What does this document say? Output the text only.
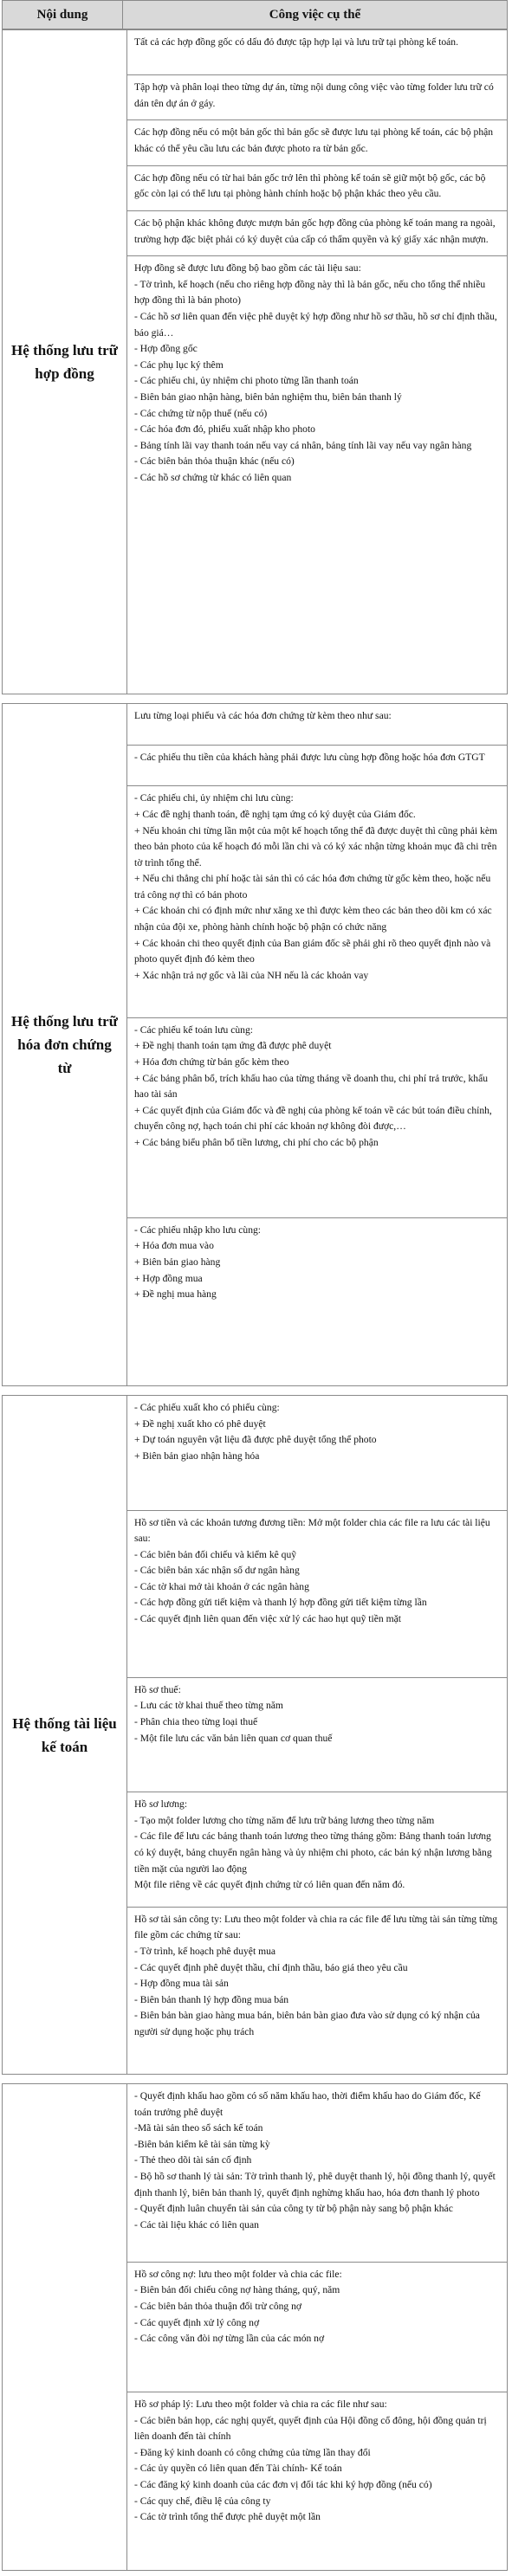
Nội dung	Công việc cụ thể
Hệ thống lưu trữ hợp đồng

Tất cả các hợp đồng gốc có dấu đỏ được tập hợp lại và lưu trữ tại phòng kế toán.

Tập hợp và phân loại theo từng dự án, từng nội dung công việc vào từng folder lưu trữ có dán tên dự án ở gáy.

Các hợp đồng nếu có một bản gốc thì bản gốc sẽ được lưu tại phòng kế toán, các bộ phận khác có thể yêu cầu lưu các bản được photo ra từ bản gốc.

Các hợp đồng nếu có từ hai bản gốc trở lên thì phòng kế toán sẽ giữ một bộ gốc, các bộ gốc còn lại có thể lưu tại phòng hành chính hoặc bộ phận khác theo yêu cầu.

Các bộ phận khác không được mượn bản gốc hợp đồng của phòng kế toán mang ra ngoài, trường hợp đặc biệt phải có ký duyệt của cấp có thẩm quyền và ký giấy xác nhận mượn.

Hợp đồng sẽ được lưu đồng bộ bao gồm các tài liệu sau:

- Tờ trình, kế hoạch (nếu cho riêng hợp đồng này thì là bản gốc, nếu cho tổng thể nhiều hợp đồng thì là bản photo)

- Các hồ sơ liên quan đến việc phê duyệt ký hợp đồng như hồ sơ thầu, hồ sơ chỉ định thầu, báo giá…

- Hợp đồng gốc

- Các phụ lục ký thêm

- Các phiếu chi, ủy nhiệm chi photo từng lần thanh toán

- Biên bản giao nhận hàng, biên bản nghiệm thu, biên bản thanh lý

- Các chứng từ nộp thuế (nếu có)

- Các hóa đơn đỏ, phiếu xuất nhập kho photo

- Bảng tính lãi vay thanh toán nếu vay cá nhân, bảng tính lãi vay nếu vay ngân hàng

- Các biên bản thỏa thuận khác (nếu có)

- Các hồ sơ chứng từ khác có liên quan

Hệ thống lưu trữ hóa đơn chứng từ

Lưu từng loại phiếu và các hóa đơn chứng từ kèm theo như sau:

- Các phiếu thu tiền của khách hàng phải được lưu cùng hợp đồng hoặc hóa đơn GTGT

- Các phiếu chi, ủy nhiệm chi lưu cùng:

+ Các đề nghị thanh toán, đề nghị tạm ứng có ký duyệt của Giám đốc.

+ Nếu khoản chi từng lần một của một kế hoạch tổng thể đã được duyệt thì cũng phải kèm theo bản photo của kế hoạch đó mỗi lần chi và có ký xác nhận từng khoản mục đã chi trên tờ trình tổng thể.

+ Nếu chi thẳng chi phí hoặc tài sản thì có các hóa đơn chứng từ gốc kèm theo, hoặc nếu trả công nợ thì có bản photo

+ Các khoản chi có định mức như xăng xe thì được kèm theo các bản theo dõi km có xác nhận của đội xe, phòng hành chính hoặc bộ phận có chức năng

+ Các khoản chi theo quyết định của Ban giám đốc sẽ phải ghi rõ theo quyết định nào và photo quyết định đó kèm theo

+ Xác nhận trả nợ gốc và lãi của NH nếu là các khoản vay

- Các phiếu kế toán lưu cùng:

+ Đề nghị thanh toán tạm ứng đã được phê duyệt

+ Hóa đơn chứng từ bản gốc kèm theo

+ Các bảng phân bổ, trích khấu hao của từng tháng về doanh thu, chi phí trả trước, khấu hao tài sản

+ Các quyết định của Giám đốc và đề nghị của phòng kế toán về các bút toán điều chỉnh, chuyển công nợ, hạch toán chi phí các khoản nợ không đòi được,…

+ Các bảng biểu phân bổ tiền lương, chi phí cho các bộ phận

- Các phiếu nhập kho lưu cùng:

+ Hóa đơn mua vào

+ Biên bản giao hàng

+ Hợp đồng mua

+ Đề nghị mua hàng

Hệ thống tài liệu kế toán

- Các phiếu xuất kho có phiếu cùng:

+ Đề nghị xuất kho có phê duyệt

+ Dự toán nguyên vật liệu đã được phê duyệt tổng thể photo

+ Biên bản giao nhận hàng hóa

Hồ sơ tiền và các khoản tương đương tiền: Mở một folder chia các file ra lưu các tài liệu sau:

- Các biên bản đối chiếu và kiểm kê quỹ

- Các biên bản xác nhận số dư ngân hàng

- Các tờ khai mở tài khoản ở các ngân hàng

- Các hợp đồng gửi tiết kiệm và thanh lý hợp đồng gửi tiết kiệm từng lần

- Các quyết định liên quan đến việc xử lý các hao hụt quỹ tiền mặt

Hồ sơ thuế:

- Lưu các tờ khai thuế theo từng năm

- Phân chia theo từng loại thuế

- Một file lưu các văn bản liên quan cơ quan thuế

Hồ sơ lương:

- Tạo một folder lương cho từng năm để lưu trữ bảng lương theo từng năm

- Các file để lưu các bảng thanh toán lương theo từng tháng gồm: Bảng thanh toán lương có ký duyệt, bảng chuyển ngân hàng và ủy nhiệm chi photo, các bản ký nhận lương bằng tiền mặt của người lao động

Một file riêng về các quyết định chứng từ có liên quan đến năm đó.

Hồ sơ tài sản công ty: Lưu theo một folder và chia ra các file để lưu từng tài sản từng từng file gồm các chứng từ sau:

- Tờ trình, kế hoạch phê duyệt mua

- Các quyết định phê duyệt thầu, chỉ định thầu, báo giá theo yêu cầu

- Hợp đồng mua tài sản

- Biên bản thanh lý hợp đồng mua bán

- Biên bản bàn giao hàng mua bán, biên bản bàn giao đưa vào sử dụng có ký nhận của người sử dụng hoặc phụ trách

- Quyết định khấu hao gồm có số năm khấu hao, thời điểm khấu hao do Giám đốc, Kế toán trưởng phê duyệt

-Mã tài sản theo sổ sách kế toán

-Biên bản kiểm kê tài sản từng kỳ

- Thẻ theo dõi tài sản cố định

- Bộ hồ sơ thanh lý tài sản: Tờ trình thanh lý, phê duyệt thanh lý, hội đồng thanh lý, quyết định thanh lý, biên bản thanh lý, quyết định nghừng khấu hao, hóa đơn thanh lý photo

- Quyết định luân chuyển tài sản của công ty từ bộ phận này sang bộ phận khác

- Các tài liệu khác có liên quan

Hồ sơ công nợ: lưu theo một folder và chia các file:

- Biên bản đối chiếu công nợ hàng tháng, quý, năm

- Các biên bản thỏa thuận đối trừ công nợ

- Các quyết định xử lý công nợ

- Các công văn đòi nợ từng lần của các món nợ

Hồ sơ pháp lý: Lưu theo một folder và chia ra các file như sau:

- Các biên bản họp, các nghị quyết, quyết định của Hội đồng cổ đông, hội đồng quản trị liên doanh đến tài chính

- Đăng ký kinh doanh có công chứng của từng lần thay đổi

- Các ủy quyền có liên quan đến Tài chính- Kế toán

- Các đăng ký kinh doanh của các đơn vị đối tác khi ký hợp đồng (nếu có)

- Các quy chế, điều lệ của công ty

- Các tờ trình tổng thể được phê duyệt một lần
